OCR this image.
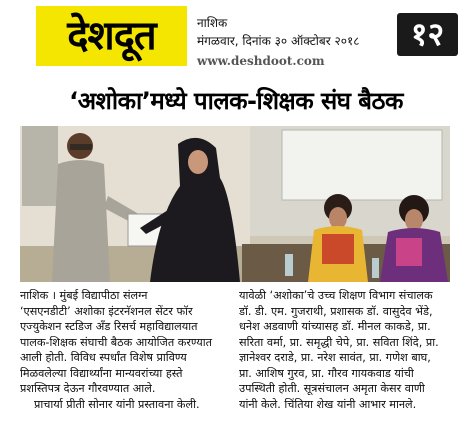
देशदूत	नाशिक
मंगळवार, दिनांक ३० ऑक्टोबर २०१८
www.deshdoot.com
१२
‘अशोका’मध्ये पालक-शिक्षक संघ बैठक
नाशिक । मुंबई विद्यापीठा संलग्न
‘एसएनडीटी’ अशोका इंटरनॅशनल सेंटर फॉर
एज्युकेशन स्टडिज अँड रिसर्च महाविद्यालयात
पालक-शिक्षक संघाची बैठक आयोजित करण्यात
आली होती. विविध स्पर्धांत विशेष प्राविण्य
मिळवलेल्या विद्यार्थ्यांना मान्यवरांच्या हस्ते
प्रशस्तिपत्र देऊन गौरवण्यात आले.
प्राचार्या प्रीती सोनार यांनी प्रस्तावना केली.
यावेळी ‘अशोका’चे उच्च शिक्षण विभाग संचालक
डॉ. डी. एम. गुजराथी, प्रशासक डॉ. वासुदेव भेंडे,
धनेश अडवाणी यांच्यासह डॉ. मीनल काकडे, प्रा.
सरिता वर्मा, प्रा. समृद्धी चेपे, प्रा. सविता शिंदे, प्रा.
ज्ञानेश्वर दराडे, प्रा. नरेश सावंत, प्रा. गणेश बाघ,
प्रा. आशिष गुरव, प्रा. गौरव गायकवाड यांची
उपस्थिती होती. सूत्रसंचालन अमृता केसर वाणी
यांनी केले. चिंतिया शेख यांनी आभार मानले.
